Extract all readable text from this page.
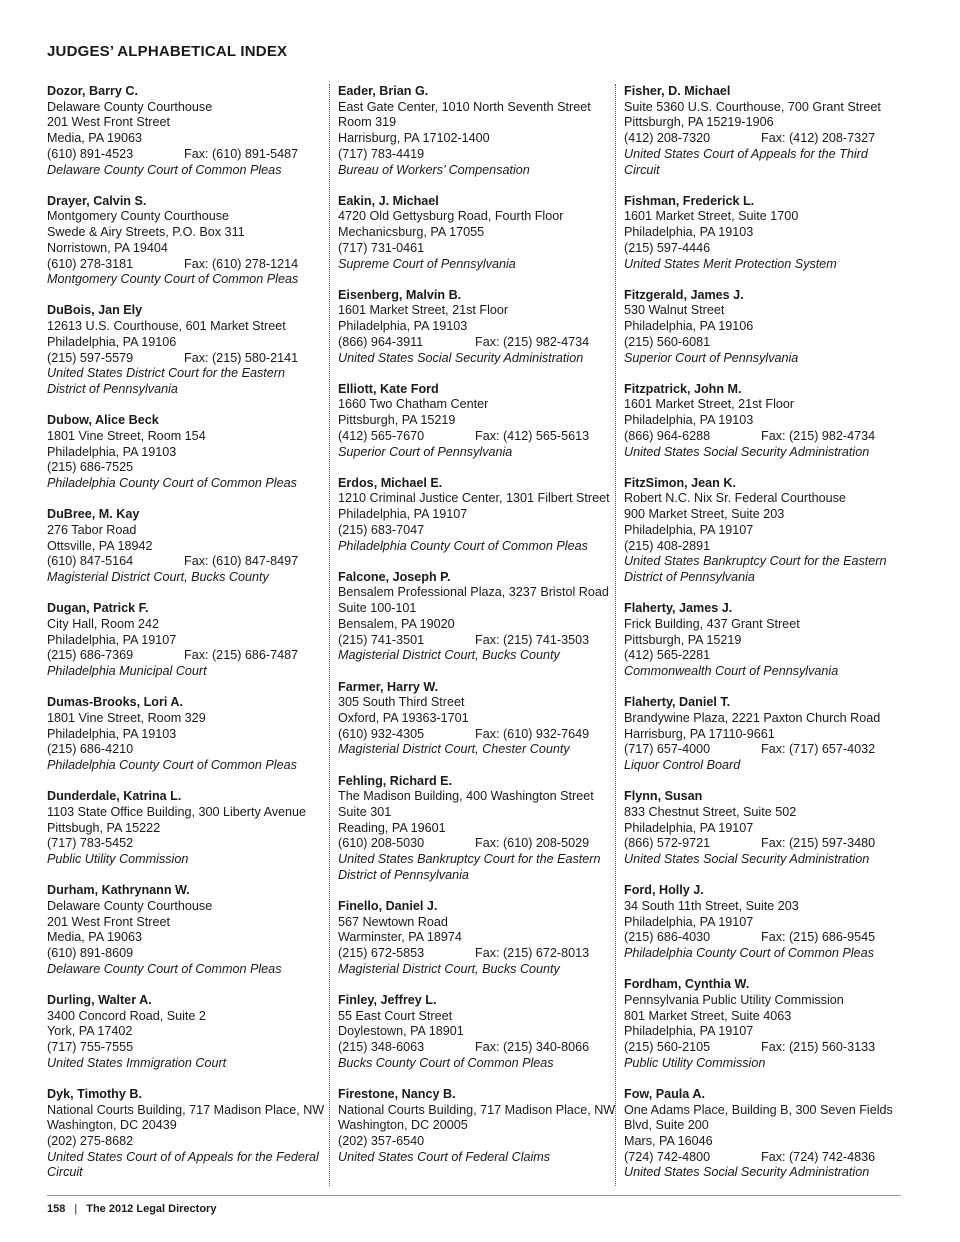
JUDGES’ ALPHABETICAL INDEX
Dozor, Barry C.
Delaware County Courthouse
201 West Front Street
Media, PA 19063
(610) 891-4523	Fax: (610) 891-5487
Delaware County Court of Common Pleas
Drayer, Calvin S.
Montgomery County Courthouse
Swede & Airy Streets, P.O. Box 311
Norristown, PA 19404
(610) 278-3181	Fax: (610) 278-1214
Montgomery County Court of Common Pleas
DuBois, Jan Ely
12613 U.S. Courthouse, 601 Market Street
Philadelphia, PA 19106
(215) 597-5579	Fax: (215) 580-2141
United States District Court for the Eastern District of Pennsylvania
Dubow, Alice Beck
1801 Vine Street, Room 154
Philadelphia, PA 19103
(215) 686-7525
Philadelphia County Court of Common Pleas
DuBree, M. Kay
276 Tabor Road
Ottsville, PA 18942
(610) 847-5164	Fax: (610) 847-8497
Magisterial District Court, Bucks County
Dugan, Patrick F.
City Hall, Room 242
Philadelphia, PA 19107
(215) 686-7369	Fax: (215) 686-7487
Philadelphia Municipal Court
Dumas-Brooks, Lori A.
1801 Vine Street, Room 329
Philadelphia, PA 19103
(215) 686-4210
Philadelphia County Court of Common Pleas
Dunderdale, Katrina L.
1103 State Office Building, 300 Liberty Avenue
Pittsbugh, PA 15222
(717) 783-5452
Public Utility Commission
Durham, Kathrynann W.
Delaware County Courthouse
201 West Front Street
Media, PA 19063
(610) 891-8609
Delaware County Court of Common Pleas
Durling, Walter A.
3400 Concord Road, Suite 2
York, PA 17402
(717) 755-7555
United States Immigration Court
Dyk, Timothy B.
National Courts Building, 717 Madison Place, NW
Washington, DC 20439
(202) 275-8682
United States Court of of Appeals for the Federal Circuit
Eader, Brian G.
East Gate Center, 1010 North Seventh Street
Room 319
Harrisburg, PA 17102-1400
(717) 783-4419
Bureau of Workers’ Compensation
Eakin, J. Michael
4720 Old Gettysburg Road, Fourth Floor
Mechanicsburg, PA 17055
(717) 731-0461
Supreme Court of Pennsylvania
Eisenberg, Malvin B.
1601 Market Street, 21st Floor
Philadelphia, PA 19103
(866) 964-3911	Fax: (215) 982-4734
United States Social Security Administration
Elliott, Kate Ford
1660 Two Chatham Center
Pittsburgh, PA 15219
(412) 565-7670	Fax: (412) 565-5613
Superior Court of Pennsylvania
Erdos, Michael E.
1210 Criminal Justice Center, 1301 Filbert Street
Philadelphia, PA 19107
(215) 683-7047
Philadelphia County Court of Common Pleas
Falcone, Joseph P.
Bensalem Professional Plaza, 3237 Bristol Road
Suite 100-101
Bensalem, PA 19020
(215) 741-3501	Fax: (215) 741-3503
Magisterial District Court, Bucks County
Farmer, Harry W.
305 South Third Street
Oxford, PA 19363-1701
(610) 932-4305	Fax: (610) 932-7649
Magisterial District Court, Chester County
Fehling, Richard E.
The Madison Building, 400 Washington Street
Suite 301
Reading, PA 19601
(610) 208-5030	Fax: (610) 208-5029
United States Bankruptcy Court for the Eastern District of Pennsylvania
Finello, Daniel J.
567 Newtown Road
Warminster, PA 18974
(215) 672-5853	Fax: (215) 672-8013
Magisterial District Court, Bucks County
Finley, Jeffrey L.
55 East Court Street
Doylestown, PA 18901
(215) 348-6063	Fax: (215) 340-8066
Bucks County Court of Common Pleas
Firestone, Nancy B.
National Courts Building, 717 Madison Place, NW
Washington, DC 20005
(202) 357-6540
United States Court of Federal Claims
Fisher, D. Michael
Suite 5360 U.S. Courthouse, 700 Grant Street
Pittsburgh, PA 15219-1906
(412) 208-7320	Fax: (412) 208-7327
United States Court of Appeals for the Third Circuit
Fishman, Frederick L.
1601 Market Street, Suite 1700
Philadelphia, PA 19103
(215) 597-4446
United States Merit Protection System
Fitzgerald, James J.
530 Walnut Street
Philadelphia, PA 19106
(215) 560-6081
Superior Court of Pennsylvania
Fitzpatrick, John M.
1601 Market Street, 21st Floor
Philadelphia, PA 19103
(866) 964-6288	Fax: (215) 982-4734
United States Social Security Administration
FitzSimon, Jean K.
Robert N.C. Nix Sr. Federal Courthouse
900 Market Street, Suite 203
Philadelphia, PA 19107
(215) 408-2891
United States Bankruptcy Court for the Eastern District of Pennsylvania
Flaherty, James J.
Frick Building, 437 Grant Street
Pittsburgh, PA 15219
(412) 565-2281
Commonwealth Court of Pennsylvania
Flaherty, Daniel T.
Brandywine Plaza, 2221 Paxton Church Road
Harrisburg, PA 17110-9661
(717) 657-4000	Fax: (717) 657-4032
Liquor Control Board
Flynn, Susan
833 Chestnut Street, Suite 502
Philadelphia, PA 19107
(866) 572-9721	Fax: (215) 597-3480
United States Social Security Administration
Ford, Holly J.
34 South 11th Street, Suite 203
Philadelphia, PA 19107
(215) 686-4030	Fax: (215) 686-9545
Philadelphia County Court of Common Pleas
Fordham, Cynthia W.
Pennsylvania Public Utility Commission
801 Market Street, Suite 4063
Philadelphia, PA 19107
(215) 560-2105	Fax: (215) 560-3133
Public Utility Commission
Fow, Paula A.
One Adams Place, Building B, 300 Seven Fields
Blvd, Suite 200
Mars, PA 16046
(724) 742-4800	Fax: (724) 742-4836
United States Social Security Administration
158 | The 2012 Legal Directory
